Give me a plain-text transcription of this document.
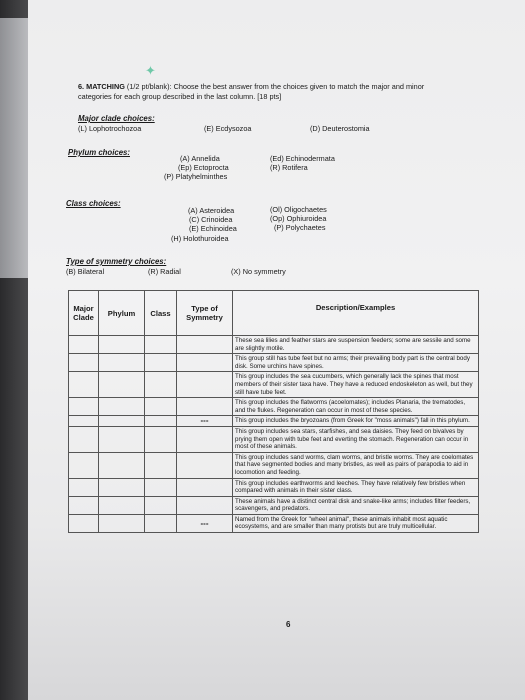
✦
6. MATCHING (1/2 pt/blank): Choose the best answer from the choices given to match the major and minor categories for each group described in the last column. [18 pts]
Major clade choices:
(L) Lophotrochozoa	(E) Ecdysozoa	(D) Deuterostomia
Phylum choices:
(A) Annelida	(Ed) Echinodermata
(Ep) Ectoprocta	(R) Rotifera
(P) Platyhelminthes
Class choices:
(A) Asteroidea	(Ol) Oligochaetes
(C) Crinoidea	(Op) Ophiuroidea
(E) Echinoidea	(P) Polychaetes
(H) Holothuroidea
Type of symmetry choices:
(B) Bilateral	(R) Radial	(X) No symmetry
Major Clade	Phylum	Class	Type of Symmetry	Description/Examples
				These sea lilies and feather stars are suspension feeders; some are sessile and some are slightly motile.
				This group still has tube feet but no arms; their prevailing body part is the central body disk. Some urchins have spines.
				This group includes the sea cucumbers, which generally lack the spines that most members of their sister taxa have. They have a reduced endoskeleton as well, but they still have tube feet.
				This group includes the flatworms (acoelomates); includes Planaria, the trematodes, and the flukes. Regeneration can occur in most of these species.
			---	This group includes the bryozoans (from Greek for "moss animals") fall in this phylum.
				This group includes sea stars, starfishes, and sea daisies. They feed on bivalves by prying them open with tube feet and everting the stomach. Regeneration can occur in most of these animals.
				This group includes sand worms, clam worms, and bristle worms. They are coelomates that have segmented bodies and many bristles, as well as pairs of parapodia to aid in locomotion and feeding.
				This group includes earthworms and leeches. They have relatively few bristles when compared with animals in their sister class.
				These animals have a distinct central disk and snake-like arms; includes filter feeders, scavengers, and predators.
			---	Named from the Greek for "wheel animal", these animals inhabit most aquatic ecosystems, and are smaller than many protists but are truly multicellular.
6
